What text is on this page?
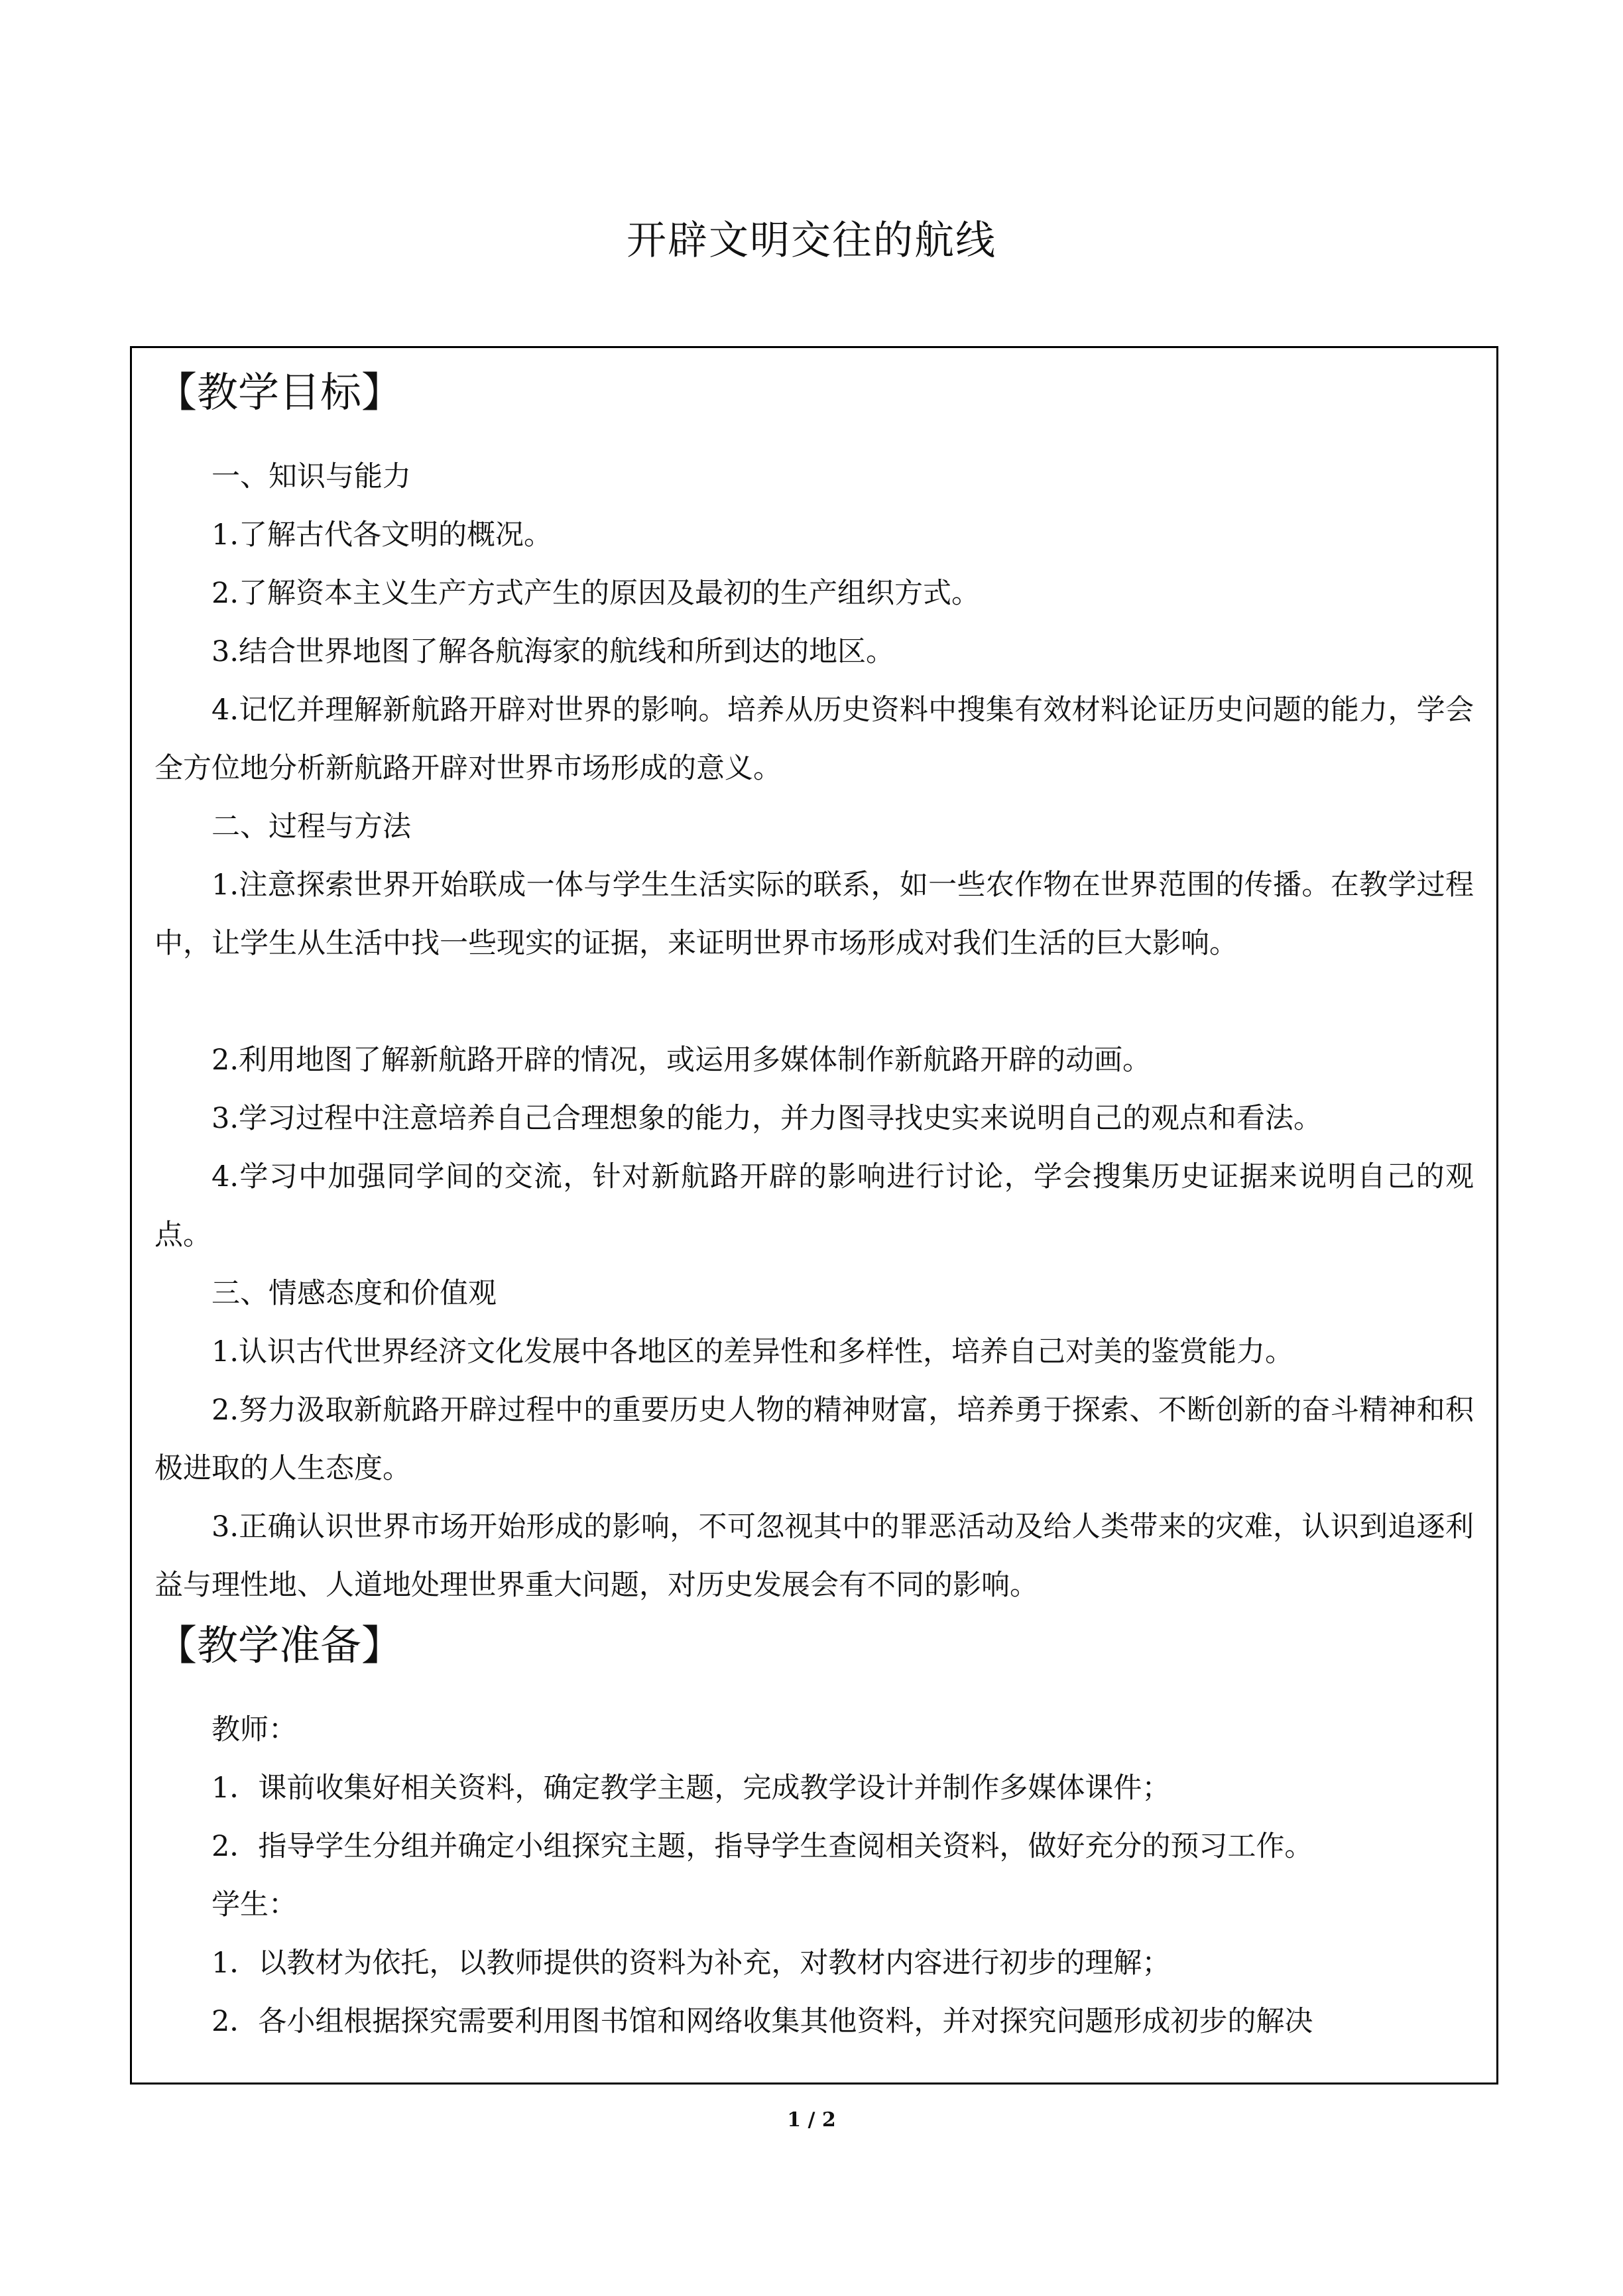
开辟文明交往的航线
【教学目标】

一、知识与能力

1.了解古代各文明的概况。

2.了解资本主义生产方式产生的原因及最初的生产组织方式。

3.结合世界地图了解各航海家的航线和所到达的地区。

4.记忆并理解新航路开辟对世界的影响。培养从历史资料中搜集有效材料论证历史问题的能力，学会全方位地分析新航路开辟对世界市场形成的意义。

二、过程与方法

1.注意探索世界开始联成一体与学生生活实际的联系，如一些农作物在世界范围的传播。在教学过程中，让学生从生活中找一些现实的证据，来证明世界市场形成对我们生活的巨大影响。

2.利用地图了解新航路开辟的情况，或运用多媒体制作新航路开辟的动画。

3.学习过程中注意培养自己合理想象的能力，并力图寻找史实来说明自己的观点和看法。

4.学习中加强同学间的交流，针对新航路开辟的影响进行讨论，学会搜集历史证据来说明自己的观点。

三、情感态度和价值观

1.认识古代世界经济文化发展中各地区的差异性和多样性，培养自己对美的鉴赏能力。

2.努力汲取新航路开辟过程中的重要历史人物的精神财富，培养勇于探索、不断创新的奋斗精神和积极进取的人生态度。

3.正确认识世界市场开始形成的影响，不可忽视其中的罪恶活动及给人类带来的灾难，认识到追逐利益与理性地、人道地处理世界重大问题，对历史发展会有不同的影响。

【教学准备】

教师：

1．课前收集好相关资料，确定教学主题，完成教学设计并制作多媒体课件；

2．指导学生分组并确定小组探究主题，指导学生查阅相关资料，做好充分的预习工作。

学生：

1．以教材为依托，以教师提供的资料为补充，对教材内容进行初步的理解；

2．各小组根据探究需要利用图书馆和网络收集其他资料，并对探究问题形成初步的解决

1 / 2
